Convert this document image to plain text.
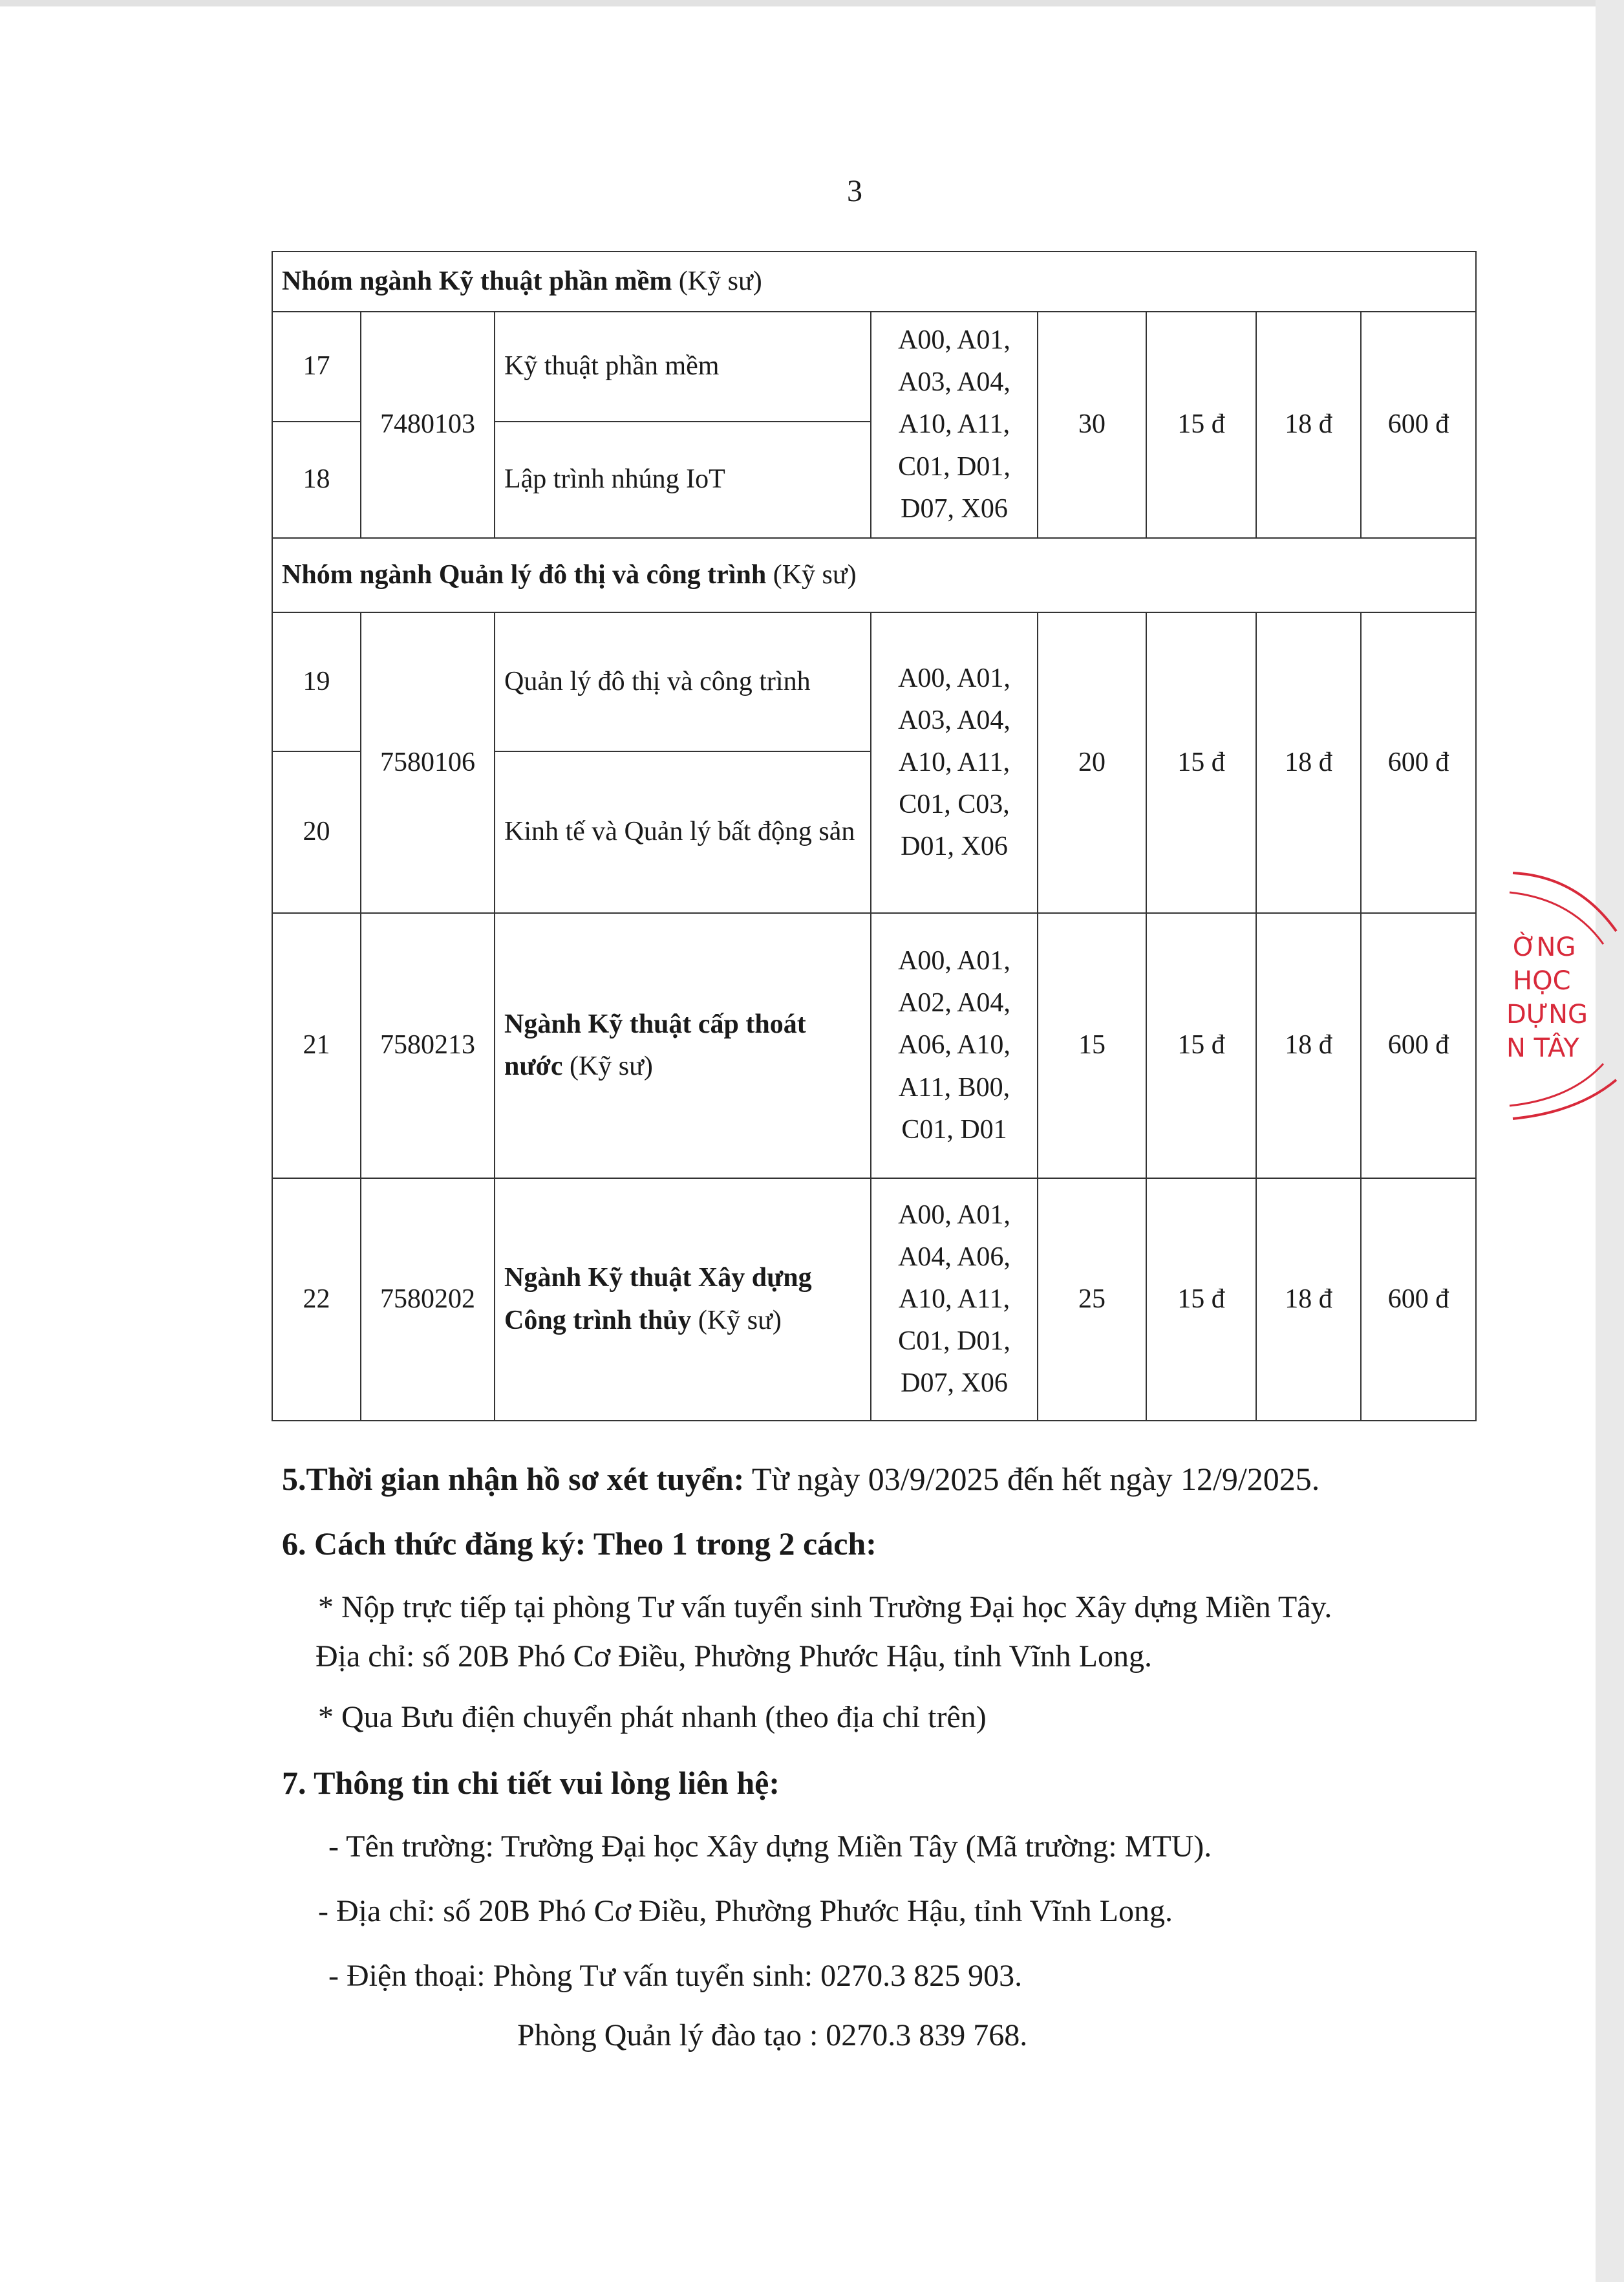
3
Nhóm ngành Kỹ thuật phần mềm (Kỹ sư)							
17	7480103	Kỹ thuật phần mềm	A00, A01,
A03, A04,
A10, A11,
C01, D01,
D07, X06	30	15 đ	18 đ	600 đ
18		Lập trình nhúng IoT					
Nhóm ngành Quản lý đô thị và công trình (Kỹ sư)							
19	7580106	Quản lý đô thị và công trình	A00, A01,
A03, A04,
A10, A11,
C01, C03,
D01, X06	20	15 đ	18 đ	600 đ
20		Kinh tế và Quản lý bất động sản					
21	7580213	Ngành Kỹ thuật cấp thoát nước (Kỹ sư)	A00, A01,
A02, A04,
A06, A10,
A11, B00,
C01, D01	15	15 đ	18 đ	600 đ
22	7580202	Ngành Kỹ thuật Xây dựng Công trình thủy (Kỹ sư)	A00, A01,
A04, A06,
A10, A11,
C01, D01,
D07, X06	25	15 đ	18 đ	600 đ
5.Thời gian nhận hồ sơ xét tuyển: Từ ngày 03/9/2025 đến hết ngày 12/9/2025.
6. Cách thức đăng ký: Theo 1 trong 2 cách:
* Nộp trực tiếp tại phòng Tư vấn tuyển sinh Trường Đại học Xây dựng Miền Tây.
Địa chỉ: số 20B Phó Cơ Điều, Phường Phước Hậu, tỉnh Vĩnh Long.
* Qua Bưu điện chuyển phát nhanh (theo địa chỉ trên)
7. Thông tin chi tiết vui lòng liên hệ:
- Tên trường: Trường Đại học Xây dựng Miền Tây (Mã trường: MTU).
- Địa chỉ: số 20B Phó Cơ Điều, Phường Phước Hậu, tỉnh Vĩnh Long.
- Điện thoại: Phòng Tư vấn tuyển sinh: 0270.3 825 903.
Phòng Quản lý đào tạo : 0270.3 839 768.
ỜNG
HỌC
DỰNG
N TÂY
